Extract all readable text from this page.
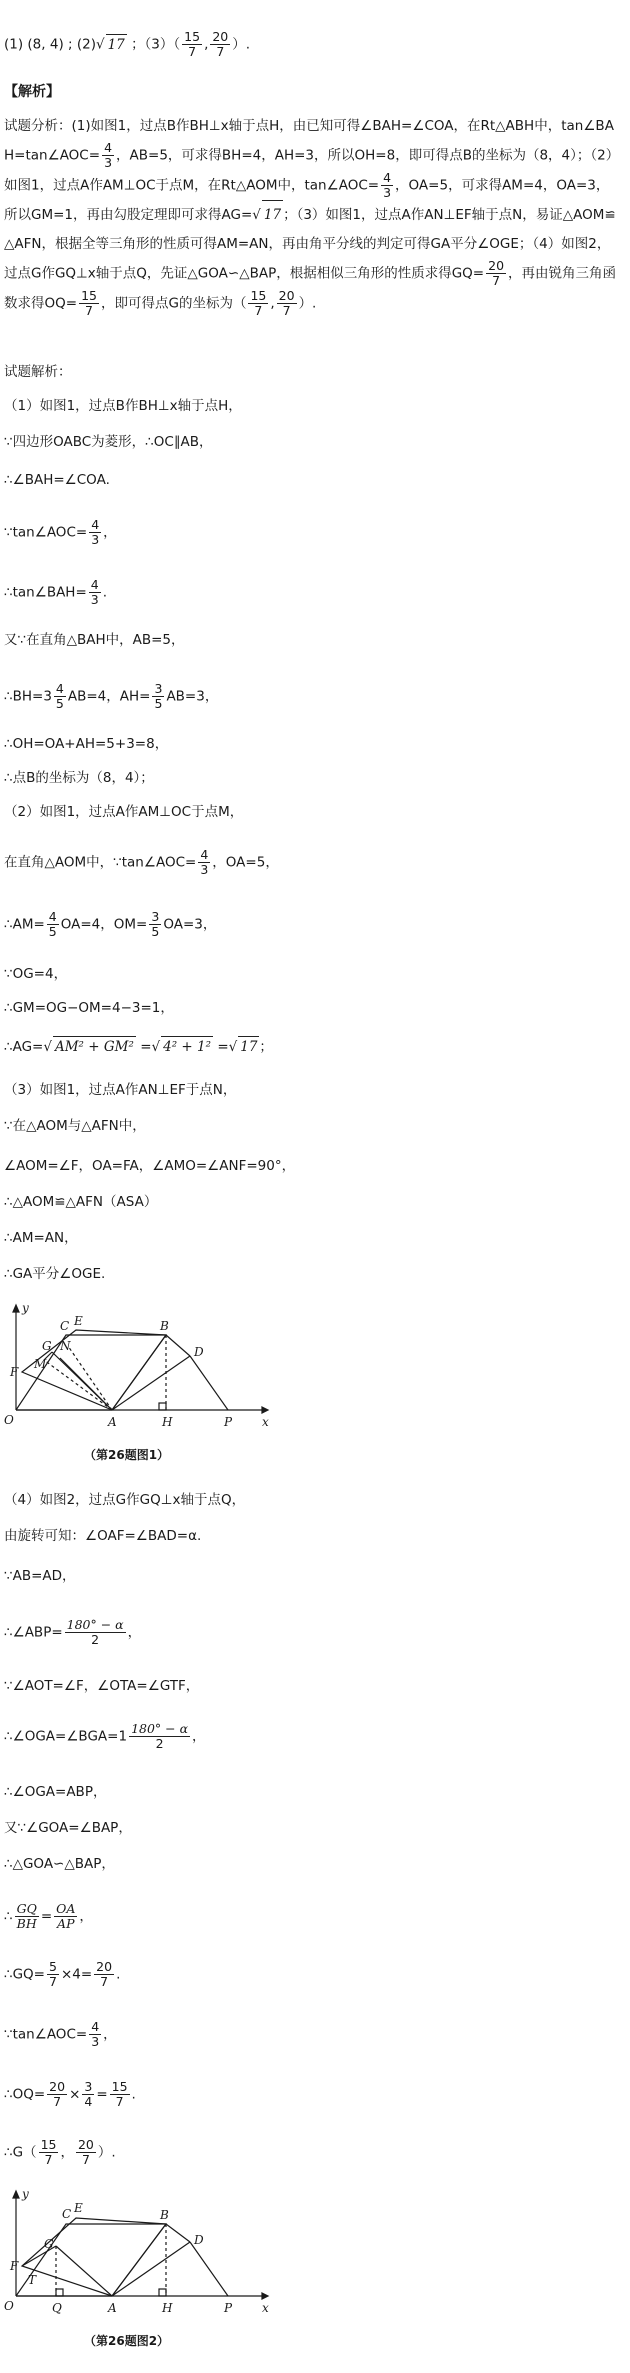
(1) (8, 4) ; (2)√ 17 ；$(3)( \frac{15}{7}$ , $\frac{20}{7}$ ）.
【解析】
试题分析：(1)如图1，过点B作BH⊥x轴于点H，由已知可得∠BAH=∠COA，在Rt△ABH中，tan∠BAH=tan∠AOC= $\frac{4}{3}$ ，AB=5，可求得BH=4，AH=3，所以OH=8，即可得点B的坐标为（8，4）；（2）如图1，过点A作AM⊥OC于点M，在Rt△AOM中，tan∠AOC= $\frac{4}{3}$ ，OA=5，可求得AM=4，OA=3，所以GM=1，再由勾股定理即可求得AG=√ 17 ；（3）如图1，过点A作AN⊥EF轴于点N，易证△AOM≌△AFN，根据全等三角形的性质可得AM=AN，再由角平分线的判定可得GA平分∠OGE；（4）如图2，过点G作GQ⊥x轴于点Q，先证△GOA∽△BAP，根据相似三角形的性质求得$GQ= \frac{20}{7}$ ，再由锐角三角函数求得$OQ= \frac{15}{7}$ ，即可得点G的坐标为（ $\frac{15}{7}$ , $\frac{20}{7}$ ）.
试题解析：
（1）如图1，过点B作BH⊥x轴于点H，
∵四边形OABC为菱形，∴OC∥AB，
∴∠BAH=∠COA.
∵tan∠AOC= $\frac{4}{3}$ ，
∴tan∠BAH= $\frac{4}{3}$ .
又∵在直角△BAH中，AB=5，
∴BH=3 $\frac{4}{5} AB=4$，$AH= \frac{3}{5} AB=3$，
∴OH=OA+AH=5+3=8，
∴点B的坐标为（8，4）；
（2）如图1，过点A作AM⊥OC于点M，
在直角△AOM中，∵tan∠AOC= $\frac{4}{3}$ ，OA=5，
∴AM= $\frac{4}{5} OA=4$，$OM= \frac{3}{5} OA=3$，
∵OG=4，
∴GM=OG−OM=4−3=1，
∴AG=√ AM² + GM² =√ 4² + 1² =√ 17 ；
（3）如图1，过点A作AN⊥EF于点N，
∵在△AOM与△AFN中，
∠AOM=∠F，OA=FA，∠AMO=∠ANF=90°，
∴△AOM≌△AFN（ASA）
∴AM=AN，
∴GA平分∠OGE.
y
x
O	A	H	P
B
C
D
E
F
G
M
N
（第26题图1）
（4）如图2，过点G作GQ⊥x轴于点Q，
由旋转可知：∠OAF=∠BAD=α.
∵AB=AD，
∴∠ABP= $\frac{180^\circ - \alpha}{2}$ ，
∵∠AOT=∠F，∠OTA=∠GTF，
∴∠OGA=∠BGA=1 $\frac{180^\circ - \alpha}{2}$ ，
∴∠OGA=ABP，
又∵∠GOA=∠BAP，
∴△GOA∽△BAP，
∴ $\frac{GQ}{BH} = \frac{OA}{AP}$ ，
∴GQ= $\frac{5}{7} \times 4= \frac{20}{7}$ .
∵tan∠AOC= $\frac{4}{3}$ ，
∴OQ= $\frac{20}{7} \times \frac{3}{4} = \frac{15}{7}$ .
∴G（ $\frac{15}{7}$ ， $\frac{20}{7}$ ）.
y
x
O	Q	A	H	P
B
C
D
E
F
G
T
（第26题图2）
